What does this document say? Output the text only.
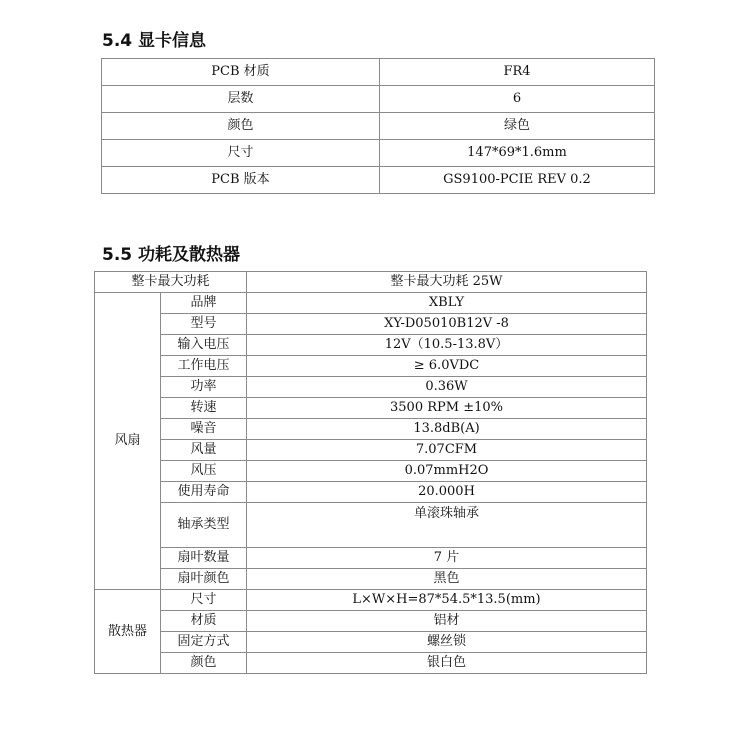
5.4 显卡信息
PCB 材质	FR4
层数	6
颜色	绿色
尺寸	147*69*1.6mm
PCB 版本	GS9100-PCIE REV 0.2
5.5 功耗及散热器
整卡最大功耗		整卡最大功耗 25W
风扇	品牌	XBLY
	型号	XY-D05010B12V -8
	输入电压	12V（10.5-13.8V）
	工作电压	≥ 6.0VDC
	功率	0.36W
	转速	3500 RPM ±10%
	噪音	13.8dB(A)
	风量	7.07CFM
	风压	0.07mmH2O
	使用寿命	20.000H
	轴承类型	单滚珠轴承
	扇叶数量	7 片
	扇叶颜色	黑色
散热器	尺寸	L×W×H=87*54.5*13.5(mm)
	材质	铝材
	固定方式	螺丝锁
	颜色	银白色
